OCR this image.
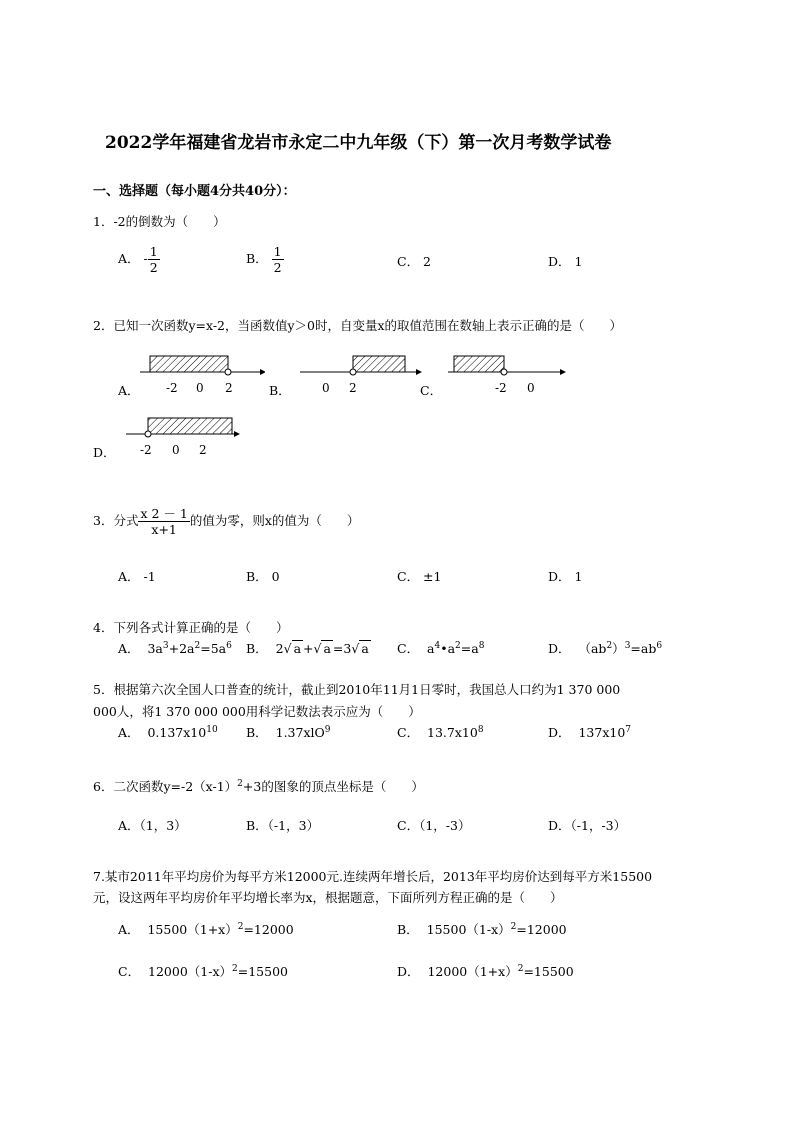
2022学年福建省龙岩市永定二中九年级（下）第一次月考数学试卷
一、选择题（每小题4分共40分）：
1．-2的倒数为（　　）
A． - $\frac{1}{2}$	B． $\frac{1}{2}$	C． 2	D． 1
2．已知一次函数y=x-2，当函数值y＞0时，自变量x的取值范围在数轴上表示正确的是（　　）
A． -2 0 2	B．	0 2	C．	-2 0
D． -2 0 2
3．分式 $\frac{x 2 - 1}{x+1}$ 的值为零，则x的值为（　　）
A． -1	B． 0	C． ±1	D． 1
4．下列各式计算正确的是（　　）
A． $3a^3+2a^2=5a^6$ B．  2√ a +√ a =3√ a C．  $a^4•a^2=a^8$	D．  $(ab^2)^3=ab^6$
5．根据第六次全国人口普查的统计，截止到2010年11月1日零时，我国总人口约为1 370 000
000人，将1 370 000 000用科学记数法表示应为（　　）
A．  $0.137x10^{10}$ B．  1.37xlO$^9$	C．  $13.7x10^8$	D．  $137x10^7$
6．二次函数$y=-2(x-1)^2+3$的图象的顶点坐标是（　　）
A．（1，3）	B．（-1，3）	C．（1，-3）	D．（-1，-3）
7.某市2011年平均房价为每平方米12000元.连续两年增长后，2013年平均房价达到每平方米15500
元，设这两年平均房价年平均增长率为x，根据题意，下面所列方程正确的是（　　）
A．  $15500(1+x)^2=12000$	B．  $15500(1-x)^2=12000$
C．  $12000(1-x)^2=15500$	D．  $12000(1+x)^2=15500$
